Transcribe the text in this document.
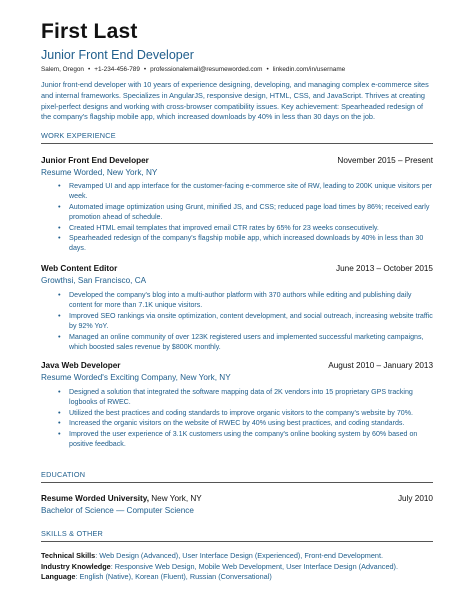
First Last
Junior Front End Developer
Salem, Oregon • +1-234-456-789 • professionalemail@resumeworded.com • linkedin.com/in/username
Junior front-end developer with 10 years of experience designing, developing, and managing complex e-commerce sites and internal frameworks. Specializes in AngularJS, responsive design, HTML, CSS, and JavaScript. Thrives at creating pixel-perfect designs and working with cross-browser compatibility issues. Key achievement: Spearheaded redesign of the company's flagship mobile app, which increased downloads by 40% in less than 30 days on the job.
WORK EXPERIENCE
Junior Front End Developer	November 2015 – Present
Resume Worded, New York, NY
• Revamped UI and app interface for the customer-facing e-commerce site of RW, leading to 200K unique visitors per week.
• Automated image optimization using Grunt, minified JS, and CSS; reduced page load times by 86%; received early promotion ahead of schedule.
• Created HTML email templates that improved email CTR rates by 65% for 23 weeks consecutively.
• Spearheaded redesign of the company's flagship mobile app, which increased downloads by 40% in less than 30 days.
Web Content Editor	June 2013 – October 2015
Growthsi, San Francisco, CA
• Developed the company's blog into a multi-author platform with 370 authors while editing and publishing daily content for more than 7.1K unique visitors.
• Improved SEO rankings via onsite optimization, content development, and social outreach, increasing website traffic by 92% YoY.
• Managed an online community of over 123K registered users and implemented successful marketing campaigns, which boosted sales revenue by $800K monthly.
Java Web Developer	August 2010 – January 2013
Resume Worded's Exciting Company, New York, NY
• Designed a solution that integrated the software mapping data of 2K vendors into 15 proprietary GPS tracking logbooks of RWEC.
• Utilized the best practices and coding standards to improve organic visitors to the company's website by 70%.
• Increased the organic visitors on the website of RWEC by 40% using best practices, and coding standards.
• Improved the user experience of 3.1K customers using the company's online booking system by 60% based on positive feedback.
EDUCATION
Resume Worded University, New York, NY	July 2010
Bachelor of Science — Computer Science
SKILLS & OTHER
Technical Skills: Web Design (Advanced), User Interface Design (Experienced), Front-end Development.
Industry Knowledge: Responsive Web Design, Mobile Web Development, User Interface Design (Advanced).
Language: English (Native), Korean (Fluent), Russian (Conversational)
